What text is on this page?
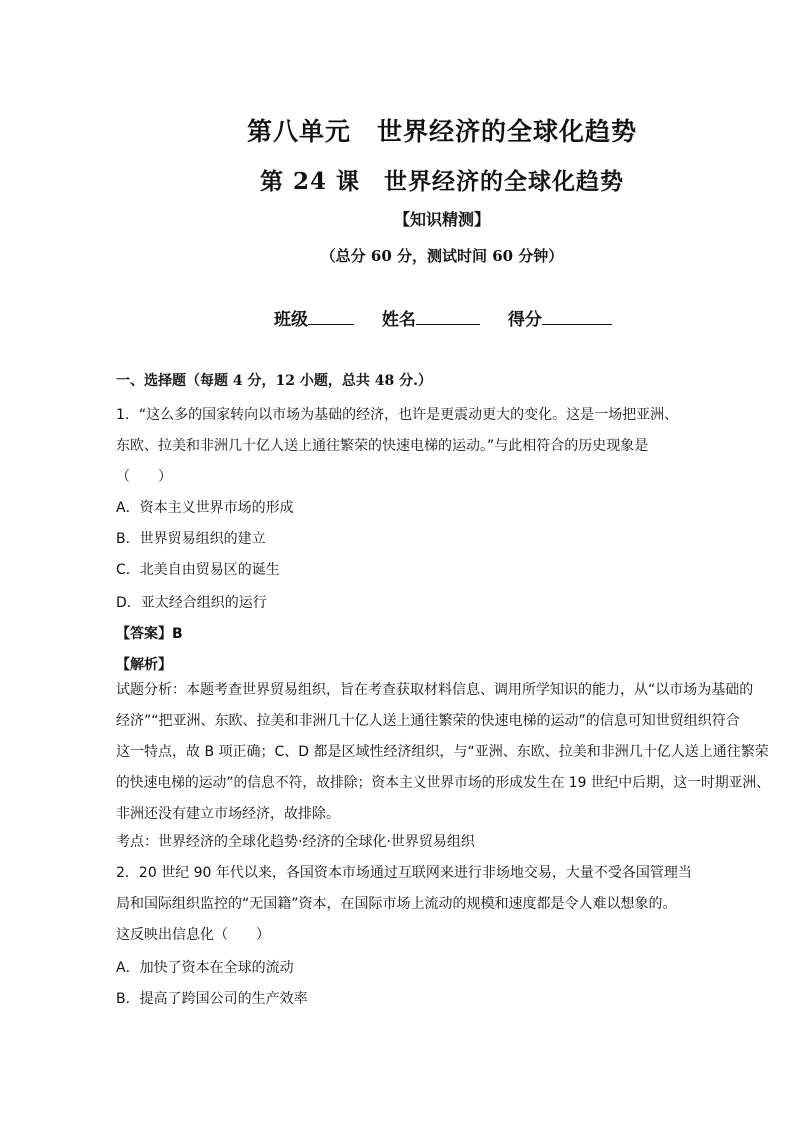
第八单元　世界经济的全球化趋势
第 24 课　世界经济的全球化趋势
【知识精测】
（总分 60 分，测试时间 60 分钟）
班级	姓名	得分
一、选择题（每题 4 分，12 小题，总共 48 分.）
1．“这么多的国家转向以市场为基础的经济，也许是更震动更大的变化。这是一场把亚洲、
东欧、拉美和非洲几十亿人送上通往繁荣的快速电梯的运动。”与此相符合的历史现象是
（　　）
A．资本主义世界市场的形成
B．世界贸易组织的建立
C．北美自由贸易区的诞生
D．亚太经合组织的运行
【答案】B
【解析】
试题分析：本题考查世界贸易组织，旨在考查获取材料信息、调用所学知识的能力，从“以市场为基础的
经济”“把亚洲、东欧、拉美和非洲几十亿人送上通往繁荣的快速电梯的运动”的信息可知世贸组织符合
这一特点，故 B 项正确；C、D 都是区域性经济组织，与“亚洲、东欧、拉美和非洲几十亿人送上通往繁荣
的快速电梯的运动”的信息不符，故排除；资本主义世界市场的形成发生在 19 世纪中后期，这一时期亚洲、
非洲还没有建立市场经济，故排除。
考点：世界经济的全球化趋势·经济的全球化·世界贸易组织
2．20 世纪 90 年代以来，各国资本市场通过互联网来进行非场地交易，大量不受各国管理当
局和国际组织监控的“无国籍”资本，在国际市场上流动的规模和速度都是令人难以想象的。
这反映出信息化（　　）
A．加快了资本在全球的流动
B．提高了跨国公司的生产效率
